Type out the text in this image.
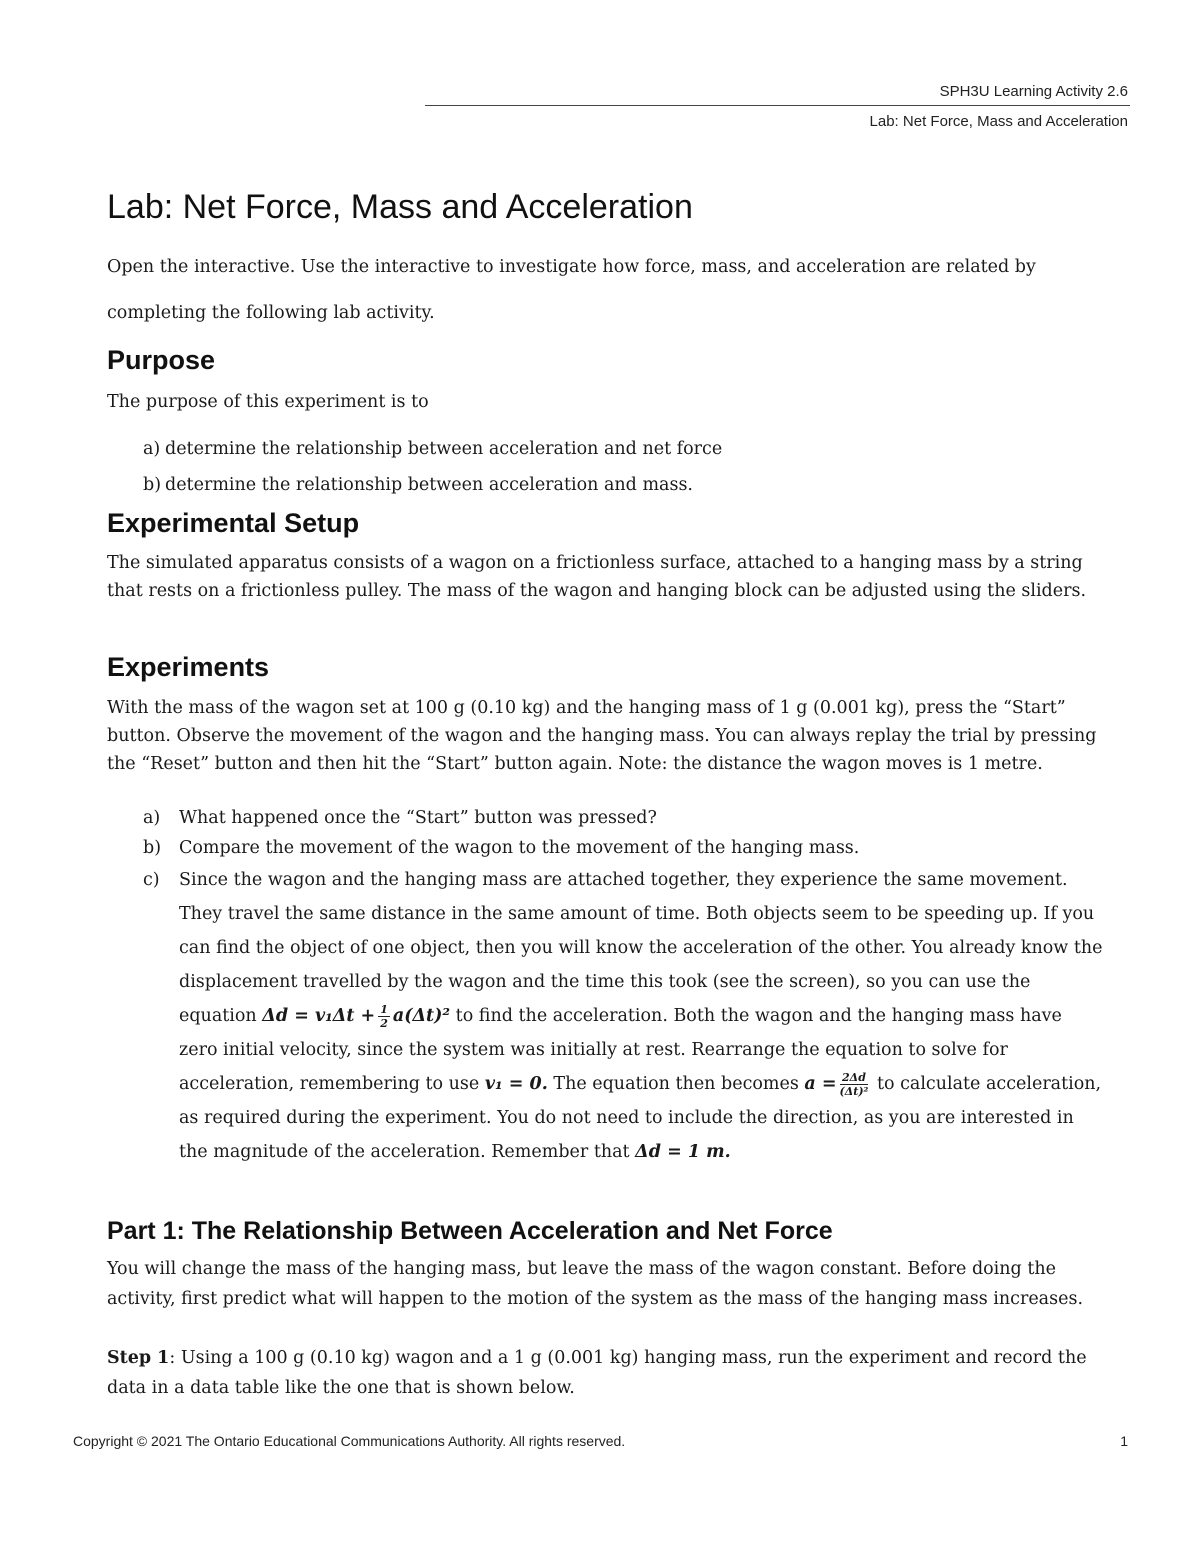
SPH3U Learning Activity 2.6
Lab: Net Force, Mass and Acceleration
Lab: Net Force, Mass and Acceleration

Open the interactive. Use the interactive to investigate how force, mass, and acceleration are related by

completing the following lab activity.

Purpose

The purpose of this experiment is to

a) determine the relationship between acceleration and net force
b) determine the relationship between acceleration and mass.
Experimental Setup

The simulated apparatus consists of a wagon on a frictionless surface, attached to a hanging mass by a string that rests on a frictionless pulley. The mass of the wagon and hanging block can be adjusted using the sliders.

Experiments

With the mass of the wagon set at 100 g (0.10 kg) and the hanging mass of 1 g (0.001 kg), press the “Start” button. Observe the movement of the wagon and the hanging mass. You can always replay the trial by pressing the “Reset” button and then hit the “Start” button again. Note: the distance the wagon moves is 1 metre.

a) What happened once the “Start” button was pressed?
b) Compare the movement of the wagon to the movement of the hanging mass.
c) Since the wagon and the hanging mass are attached together, they experience the same movement. They travel the same distance in the same amount of time. Both objects seem to be speeding up. If you can find the object of one object, then you will know the acceleration of the other. You already know the displacement travelled by the wagon and the time this took (see the screen), so you can use the equation $\Delta d = v_1\Delta t + \frac{1}{2} a(\Delta t)^2$ to find the acceleration. Both the wagon and the hanging mass have zero initial velocity, since the system was initially at rest. Rearrange the equation to solve for acceleration, remembering to use v₁ = 0. The equation then becomes $a = \frac{2\Delta d}{\text{(Δt)²}}$ to calculate acceleration, as required during the experiment. You do not need to include the direction, as you are interested in the magnitude of the acceleration. Remember that Δd = 1 m.
Part 1: The Relationship Between Acceleration and Net Force

You will change the mass of the hanging mass, but leave the mass of the wagon constant. Before doing the activity, first predict what will happen to the motion of the system as the mass of the hanging mass increases.

Step 1: Using a 100 g (0.10 kg) wagon and a 1 g (0.001 kg) hanging mass, run the experiment and record the data in a data table like the one that is shown below.

Copyright © 2021 The Ontario Educational Communications Authority. All rights reserved.	1
